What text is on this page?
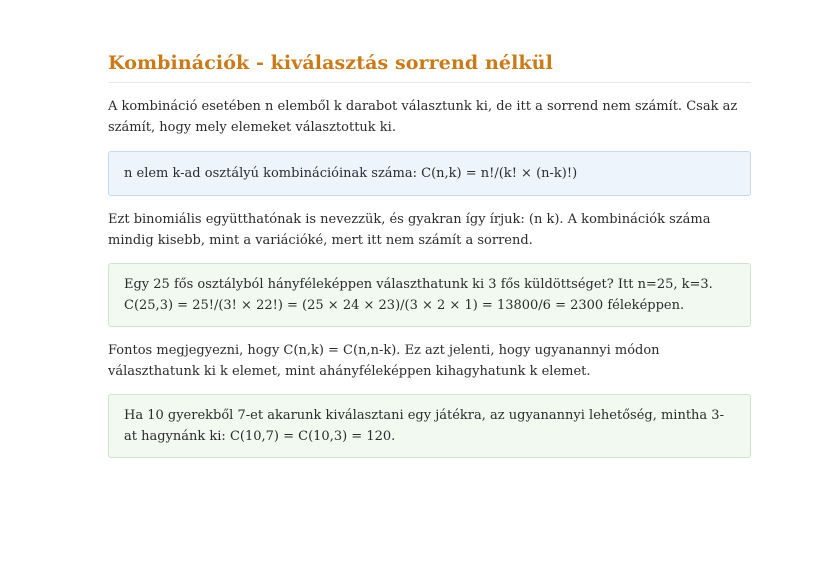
Kombinációk - kiválasztás sorrend nélkül

A kombináció esetében n elemből k darabot választunk ki, de itt a sorrend nem számít. Csak az számít, hogy mely elemeket választottuk ki.

n elem k-ad osztályú kombinációinak száma: C(n,k) = n!/(k! × (n-k)!)

Ezt binomiális együtthatónak is nevezzük, és gyakran így írjuk: (n k). A kombinációk száma mindig kisebb, mint a variációké, mert itt nem számít a sorrend.

Egy 25 fős osztályból hányféleképpen választhatunk ki 3 fős küldöttséget? Itt n=25, k=3. C(25,3) = 25!/(3! × 22!) = (25 × 24 × 23)/(3 × 2 × 1) = 13800/6 = 2300 féleképpen.

Fontos megjegyezni, hogy C(n,k) = C(n,n-k). Ez azt jelenti, hogy ugyanannyi módon választhatunk ki k elemet, mint ahányféleképpen kihagyhatunk k elemet.

Ha 10 gyerekből 7-et akarunk kiválasztani egy játékra, az ugyanannyi lehetőség, mintha 3-at hagynánk ki: C(10,7) = C(10,3) = 120.
